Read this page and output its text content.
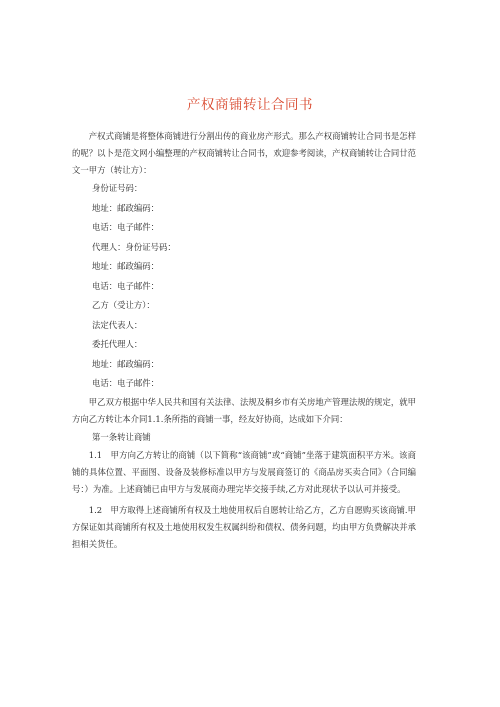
产权商铺转让合同书

产权式商铺是将整体商铺进行分割出传的商业房产形式。那么产权商铺转让合同书是怎样的呢？以卜是范文网小编整理的产权商铺转让合同书，欢迎参考阅读，产权商铺转让合同廿范文一甲方（转让方）：

身份证号码：

地址：邮政编码：

电话：电子邮件：

代理人：身份证号码：

地址：邮政编码：

电话：电子邮件：

乙方（受让方）：

法定代表人：

委托代理人：

地址：邮政编码：

电话：电子邮件：

甲乙双方根据中华人民共和国有关法律、法规及桐乡市有关房地产管理法规的规定，就甲方向乙方转让本介同1.1.条所指的商铺一事，经友好协商，达成如下介同：

第一条转让商铺

1.1　甲方向乙方转让的商铺（以下简称“该商铺”或“商铺”坐落于建筑面积平方米。该商铺的具体位置、平面图、设备及装修标准以甲方与发展商签订的《商品房买卖合同》（合同编号：）为准。上述商铺已由甲方与发展商办理完毕交接手续,乙方对此现状予以认可并接受。

1.2　甲方取得上述商铺所有权及土地使用权后自愿转让给乙方，乙方自愿购买该商铺.甲方保证如其商铺所有权及土地使用权发生权属纠纷和债权、债务问题，均由甲方负费解决并承担相关货任。
